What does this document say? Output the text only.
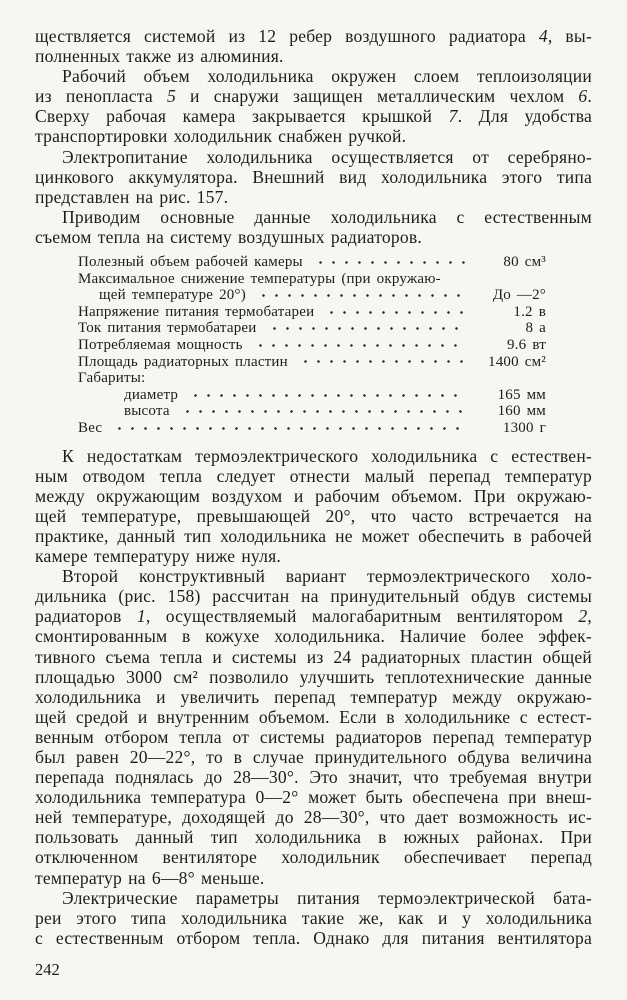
ществляется системой из 12 ребер воздушного радиатора 4, вы-
полненных также из алюминия.
Рабочий объем холодильника окружен слоем теплоизоляции
из пенопласта 5 и снаружи защищен металлическим чехлом 6.
Сверху рабочая камера закрывается крышкой 7. Для удобства
транспортировки холодильник снабжен ручкой.
Электропитание холодильника осуществляется от серебряно-
цинкового аккумулятора. Внешний вид холодильника этого типа
представлен на рис. 157.
Приводим основные данные холодильника с естественным
съемом тепла на систему воздушных радиаторов.
Полезный объем рабочей камеры	80 см³
Максимальное снижение температуры (при окружаю-
щей температуре 20°)	До —2°
Напряжение питания термобатареи	1.2 в
Ток питания термобатареи	8 а
Потребляемая мощность	9.6 вт
Площадь радиаторных пластин	1400 см²
Габариты:
диаметр	165 мм
высота	160 мм
Вес	1300 г
К недостаткам термоэлектрического холодильника с естествен-
ным отводом тепла следует отнести малый перепад температур
между окружающим воздухом и рабочим объемом. При окружаю-
щей температуре, превышающей 20°, что часто встречается на
практике, данный тип холодильника не может обеспечить в рабочей
камере температуру ниже нуля.
Второй конструктивный вариант термоэлектрического холо-
дильника (рис. 158) рассчитан на принудительный обдув системы
радиаторов 1, осуществляемый малогабаритным вентилятором 2,
смонтированным в кожухе холодильника. Наличие более эффек-
тивного съема тепла и системы из 24 радиаторных пластин общей
площадью 3000 см² позволило улучшить теплотехнические данные
холодильника и увеличить перепад температур между окружаю-
щей средой и внутренним объемом. Если в холодильнике с естест-
венным отбором тепла от системы радиаторов перепад температур
был равен 20—22°, то в случае принудительного обдува величина
перепада поднялась до 28—30°. Это значит, что требуемая внутри
холодильника температура 0—2° может быть обеспечена при внеш-
ней температуре, доходящей до 28—30°, что дает возможность ис-
пользовать данный тип холодильника в южных районах. При
отключенном вентиляторе холодильник обеспечивает перепад
температур на 6—8° меньше.
Электрические параметры питания термоэлектрической бата-
реи этого типа холодильника такие же, как и у холодильника
с естественным отбором тепла. Однако для питания вентилятора
242
